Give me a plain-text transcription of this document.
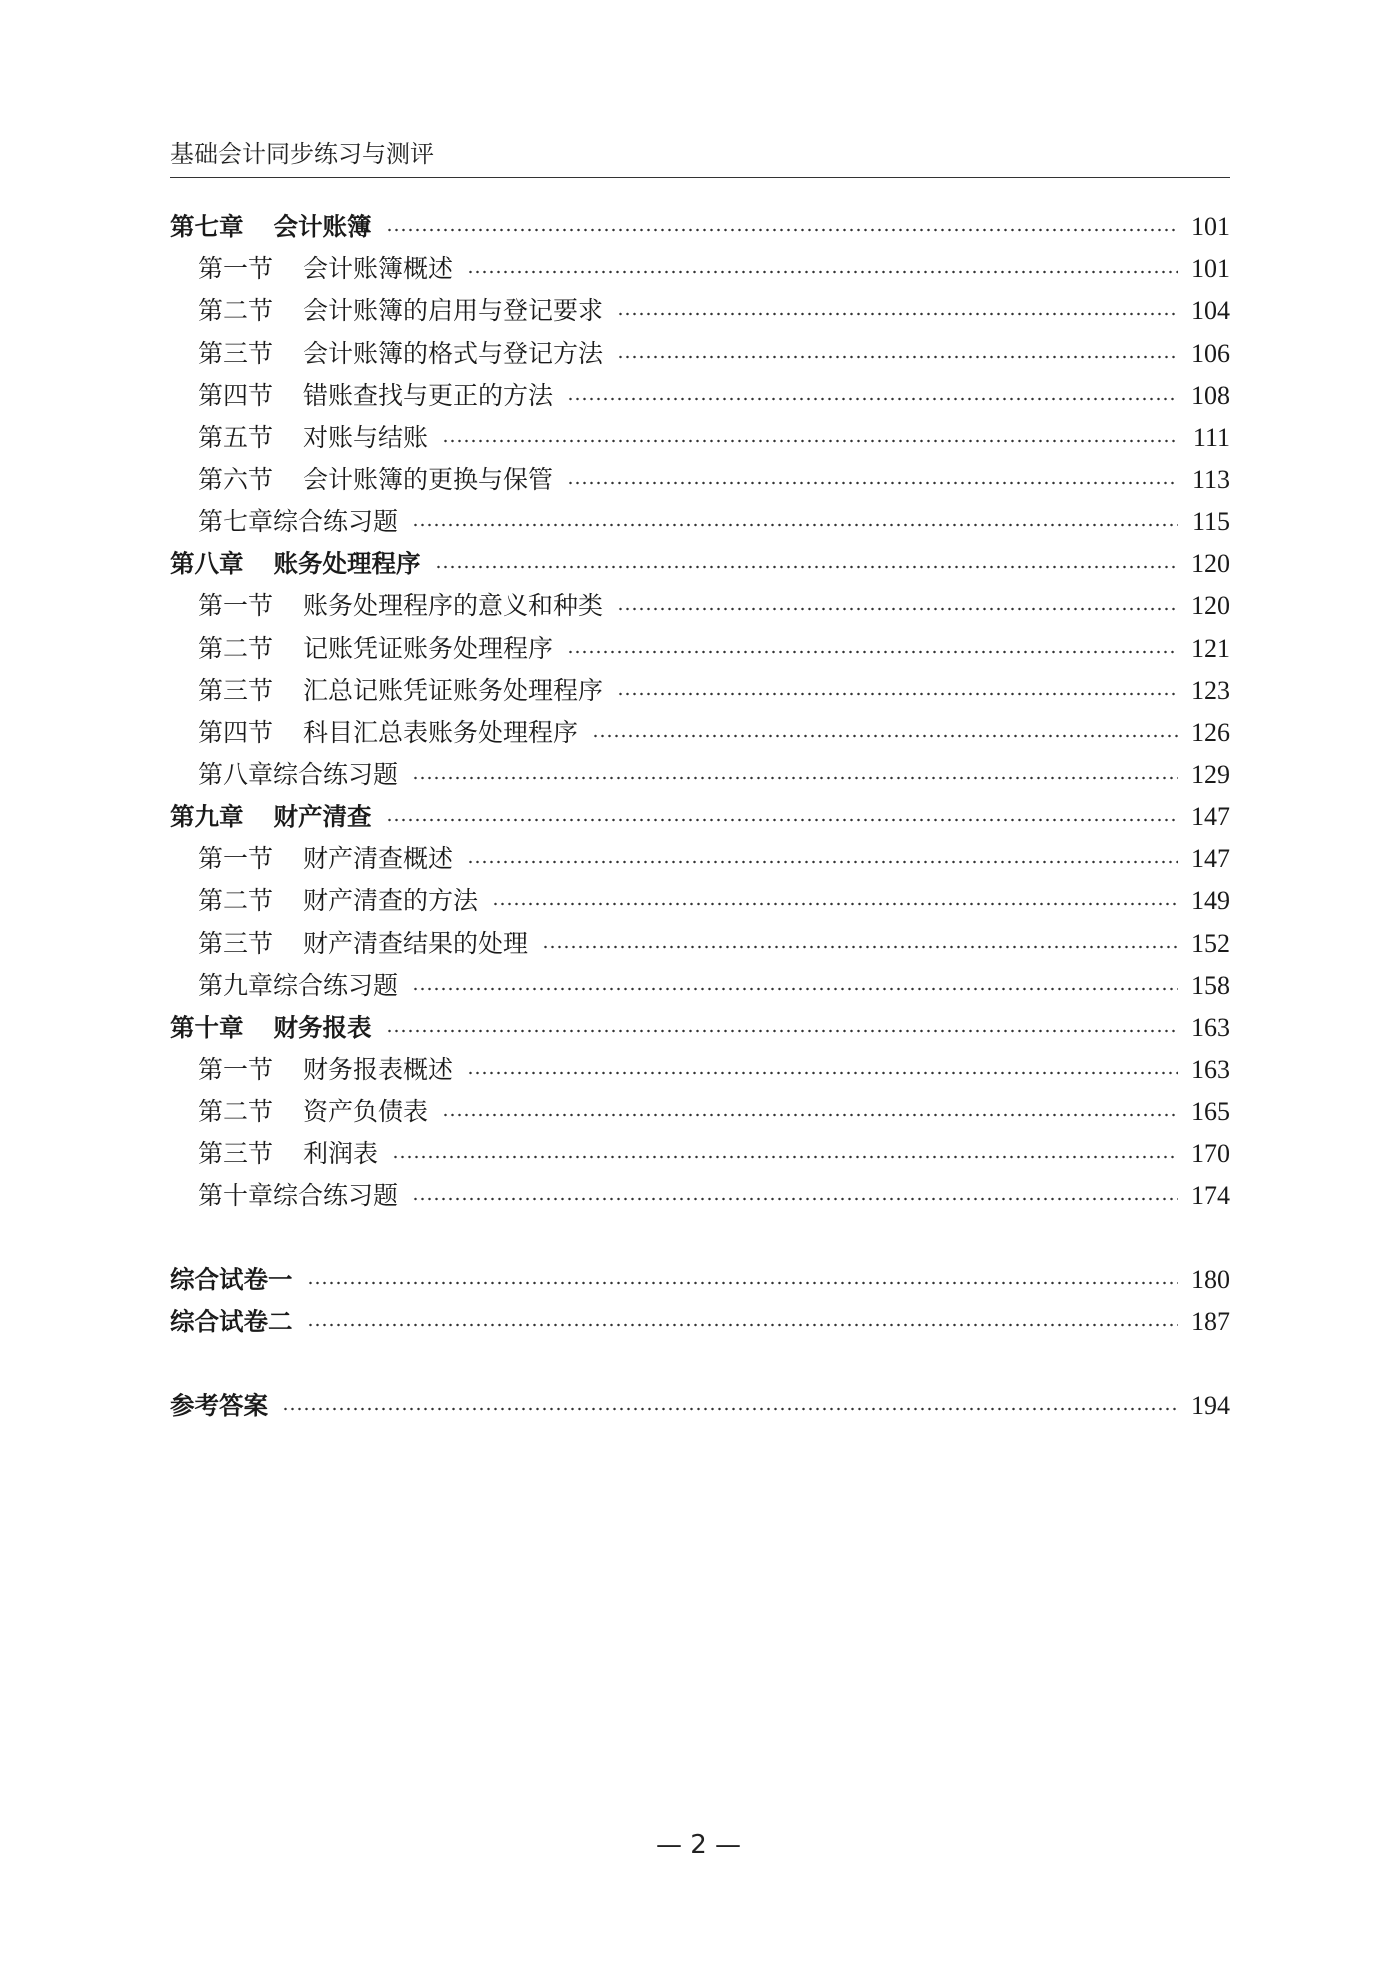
基础会计同步练习与测评
第七章 会计账簿	101
第一节 会计账簿概述	101
第二节 会计账簿的启用与登记要求	104
第三节 会计账簿的格式与登记方法	106
第四节 错账查找与更正的方法	108
第五节 对账与结账	111
第六节 会计账簿的更换与保管	113
第七章综合练习题	115
第八章 账务处理程序	120
第一节 账务处理程序的意义和种类	120
第二节 记账凭证账务处理程序	121
第三节 汇总记账凭证账务处理程序	123
第四节 科目汇总表账务处理程序	126
第八章综合练习题	129
第九章 财产清查	147
第一节 财产清查概述	147
第二节 财产清查的方法	149
第三节 财产清查结果的处理	152
第九章综合练习题	158
第十章 财务报表	163
第一节 财务报表概述	163
第二节 资产负债表	165
第三节 利润表	170
第十章综合练习题	174
综合试卷一	180
综合试卷二	187
参考答案	194
— 2 —
